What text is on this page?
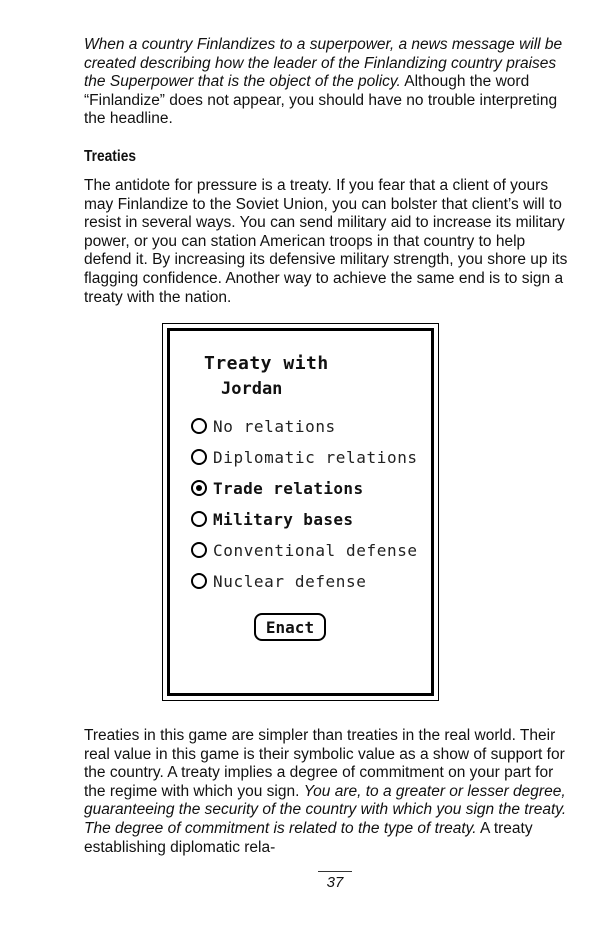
When a country Finlandizes to a superpower, a news message will be created describing how the leader of the Finlandizing country praises the Superpower that is the object of the policy. Although the word “Finlandize” does not appear, you should have no trouble interpreting the headline.

Treaties

The antidote for pressure is a treaty. If you fear that a client of yours may Finlandize to the Soviet Union, you can bolster that client’s will to resist in several ways. You can send military aid to increase its military power, or you can station American troops in that country to help defend it. By increasing its defensive military strength, you shore up its flagging confidence. Another way to achieve the same end is to sign a treaty with the nation.

Treaty with

Jordan

No relations
Diplomatic relations
Trade relations
Military bases
Conventional defense
Nuclear defense
Enact

Treaties in this game are simpler than treaties in the real world. Their real value in this game is their symbolic value as a show of support for the country. A treaty implies a degree of commitment on your part for the regime with which you sign. You are, to a greater or lesser degree, guaranteeing the security of the country with which you sign the treaty. The degree of commitment is related to the type of treaty. A treaty establishing diplomatic rela-

37
